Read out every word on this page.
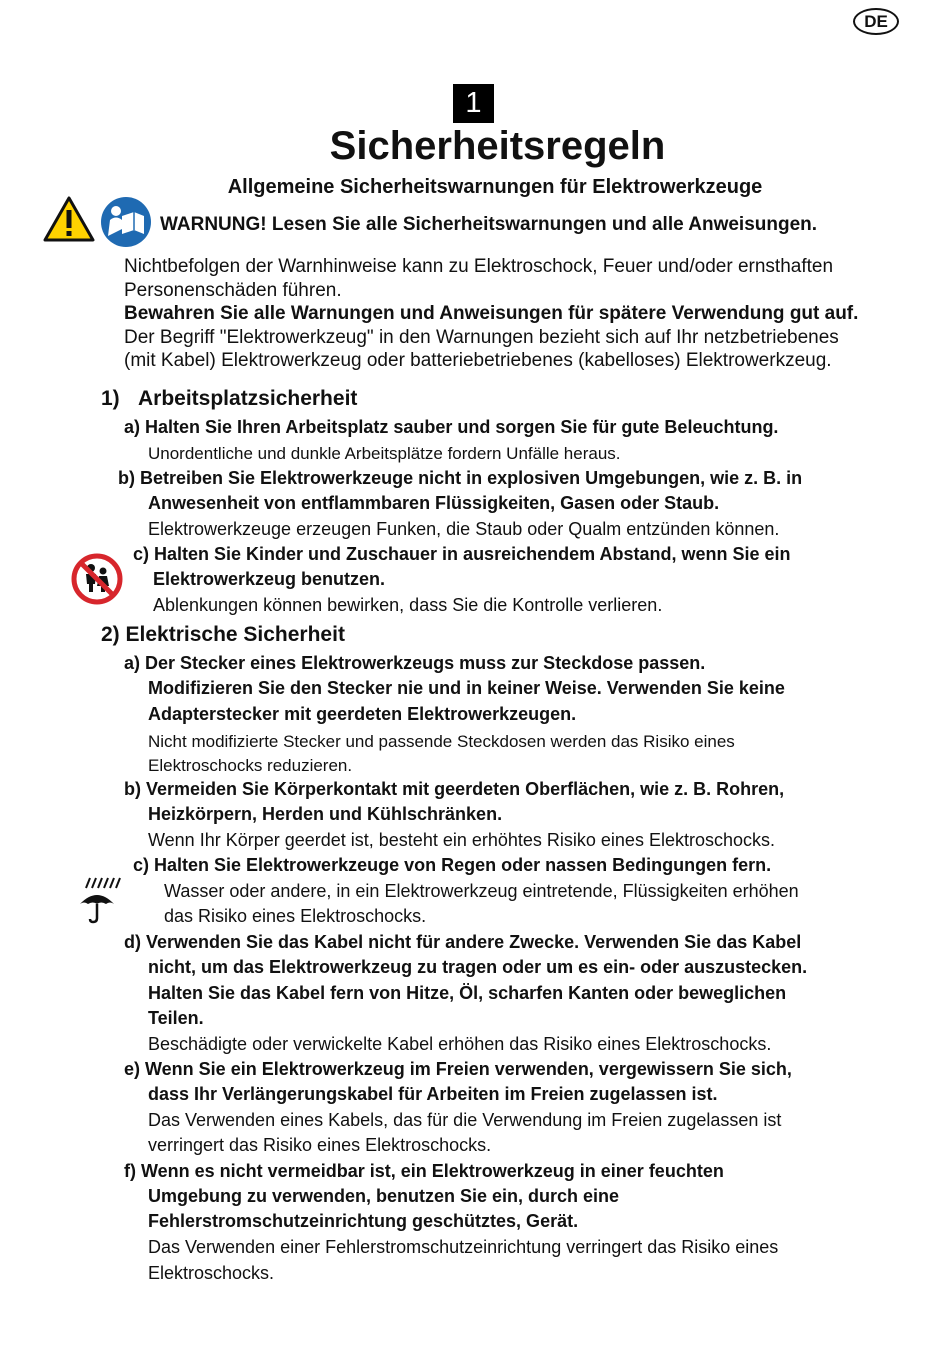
DE
1
Sicherheitsregeln
Allgemeine Sicherheitswarnungen für Elektrowerkzeuge
WARNUNG! Lesen Sie alle Sicherheitswarnungen und alle Anweisungen.
Nichtbefolgen der Warnhinweise kann zu Elektroschock, Feuer und/oder ernsthaften
Personenschäden führen.
Bewahren Sie alle Warnungen und Anweisungen für spätere Verwendung gut auf.
Der Begriff "Elektrowerkzeug" in den Warnungen bezieht sich auf Ihr netzbetriebenes
(mit Kabel) Elektrowerkzeug oder batteriebetriebenes (kabelloses) Elektrowerkzeug.
1) Arbeitsplatzsicherheit
a) Halten Sie Ihren Arbeitsplatz sauber und sorgen Sie für gute Beleuchtung.
Unordentliche und dunkle Arbeitsplätze fordern Unfälle heraus.
b) Betreiben Sie Elektrowerkzeuge nicht in explosiven Umgebungen, wie z. B. in
Anwesenheit von entflammbaren Flüssigkeiten, Gasen oder Staub.
Elektrowerkzeuge erzeugen Funken, die Staub oder Qualm entzünden können.
c) Halten Sie Kinder und Zuschauer in ausreichendem Abstand, wenn Sie ein
Elektrowerkzeug benutzen.
Ablenkungen können bewirken, dass Sie die Kontrolle verlieren.
2) Elektrische Sicherheit
a) Der Stecker eines Elektrowerkzeugs muss zur Steckdose passen.
Modifizieren Sie den Stecker nie und in keiner Weise. Verwenden Sie keine
Adapterstecker mit geerdeten Elektrowerkzeugen.
Nicht modifizierte Stecker und passende Steckdosen werden das Risiko eines
Elektroschocks reduzieren.
b) Vermeiden Sie Körperkontakt mit geerdeten Oberflächen, wie z. B. Rohren,
Heizkörpern, Herden und Kühlschränken.
Wenn Ihr Körper geerdet ist, besteht ein erhöhtes Risiko eines Elektroschocks.
c) Halten Sie Elektrowerkzeuge von Regen oder nassen Bedingungen fern.
Wasser oder andere, in ein Elektrowerkzeug eintretende, Flüssigkeiten erhöhen
das Risiko eines Elektroschocks.
d) Verwenden Sie das Kabel nicht für andere Zwecke. Verwenden Sie das Kabel
nicht, um das Elektrowerkzeug zu tragen oder um es ein- oder auszustecken.
Halten Sie das Kabel fern von Hitze, Öl, scharfen Kanten oder beweglichen
Teilen.
Beschädigte oder verwickelte Kabel erhöhen das Risiko eines Elektroschocks.
e) Wenn Sie ein Elektrowerkzeug im Freien verwenden, vergewissern Sie sich,
dass Ihr Verlängerungskabel für Arbeiten im Freien zugelassen ist.
Das Verwenden eines Kabels, das für die Verwendung im Freien zugelassen ist
verringert das Risiko eines Elektroschocks.
f) Wenn es nicht vermeidbar ist, ein Elektrowerkzeug in einer feuchten
Umgebung zu verwenden, benutzen Sie ein, durch eine
Fehlerstromschutzeinrichtung geschütztes, Gerät.
Das Verwenden einer Fehlerstromschutzeinrichtung verringert das Risiko eines
Elektroschocks.
